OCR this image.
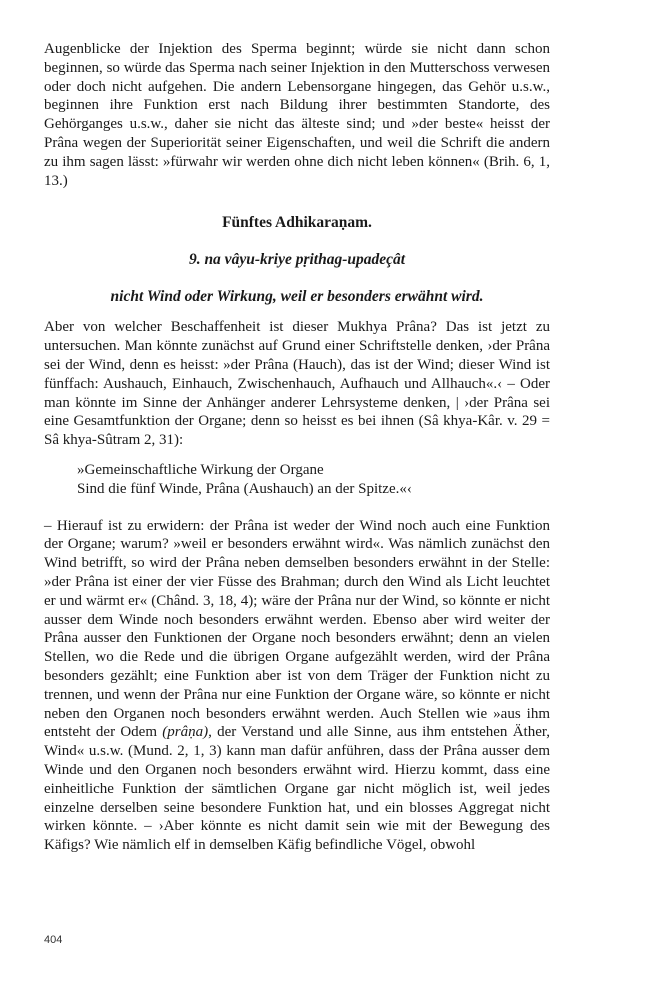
Augenblicke der Injektion des Sperma beginnt; würde sie nicht dann schon beginnen, so würde das Sperma nach seiner Injektion in den Mutterschoss verwesen oder doch nicht aufgehen. Die andern Lebensorgane hingegen, das Gehör u.s.w., beginnen ihre Funktion erst nach Bildung ihrer bestimmten Standorte, des Gehörganges u.s.w., daher sie nicht das älteste sind; und »der beste« heisst der Prâna wegen der Superiorität seiner Eigenschaften, und weil die Schrift die andern zu ihm sagen lässt: »fürwahr wir werden ohne dich nicht leben können« (Brih. 6, 1, 13.)

Fünftes Adhikaraṇam.
9. na vâyu-kriye pṛithag-upadeçât
nicht Wind oder Wirkung, weil er besonders erwähnt wird.

Aber von welcher Beschaffenheit ist dieser Mukhya Prâna? Das ist jetzt zu untersuchen. Man könnte zunächst auf Grund einer Schriftstelle denken, ›der Prâna sei der Wind, denn es heisst: »der Prâna (Hauch), das ist der Wind; dieser Wind ist fünffach: Aushauch, Einhauch, Zwischenhauch, Aufhauch und Allhauch«.‹ – Oder man könnte im Sinne der Anhänger anderer Lehrsysteme denken, | ›der Prâna sei eine Gesamtfunktion der Organe; denn so heisst es bei ihnen (Sâ khya-Kâr. v. 29 = Sâ khya-Sûtram 2, 31):

»Gemeinschaftliche Wirkung der Organe
Sind die fünf Winde, Prâna (Aushauch) an der Spitze.«‹

– Hierauf ist zu erwidern: der Prâna ist weder der Wind noch auch eine Funktion der Organe; warum? »weil er besonders erwähnt wird«. Was nämlich zunächst den Wind betrifft, so wird der Prâna neben demselben besonders erwähnt in der Stelle: »der Prâna ist einer der vier Füsse des Brahman; durch den Wind als Licht leuchtet er und wärmt er« (Chând. 3, 18, 4); wäre der Prâna nur der Wind, so könnte er nicht ausser dem Winde noch besonders erwähnt werden. Ebenso aber wird weiter der Prâna ausser den Funktionen der Organe noch besonders erwähnt; denn an vielen Stellen, wo die Rede und die übrigen Organe aufgezählt werden, wird der Prâna besonders gezählt; eine Funktion aber ist von dem Träger der Funktion nicht zu trennen, und wenn der Prâna nur eine Funktion der Organe wäre, so könnte er nicht neben den Organen noch besonders erwähnt werden. Auch Stellen wie »aus ihm entsteht der Odem (prâṇa), der Verstand und alle Sinne, aus ihm entstehen Äther, Wind« u.s.w. (Mund. 2, 1, 3) kann man dafür anführen, dass der Prâna ausser dem Winde und den Organen noch besonders erwähnt wird. Hierzu kommt, dass eine einheitliche Funktion der sämtlichen Organe gar nicht möglich ist, weil jedes einzelne derselben seine besondere Funktion hat, und ein blosses Aggregat nicht wirken könnte. – ›Aber könnte es nicht damit sein wie mit der Bewegung des Käfigs? Wie nämlich elf in demselben Käfig befindliche Vögel, obwohl

404
